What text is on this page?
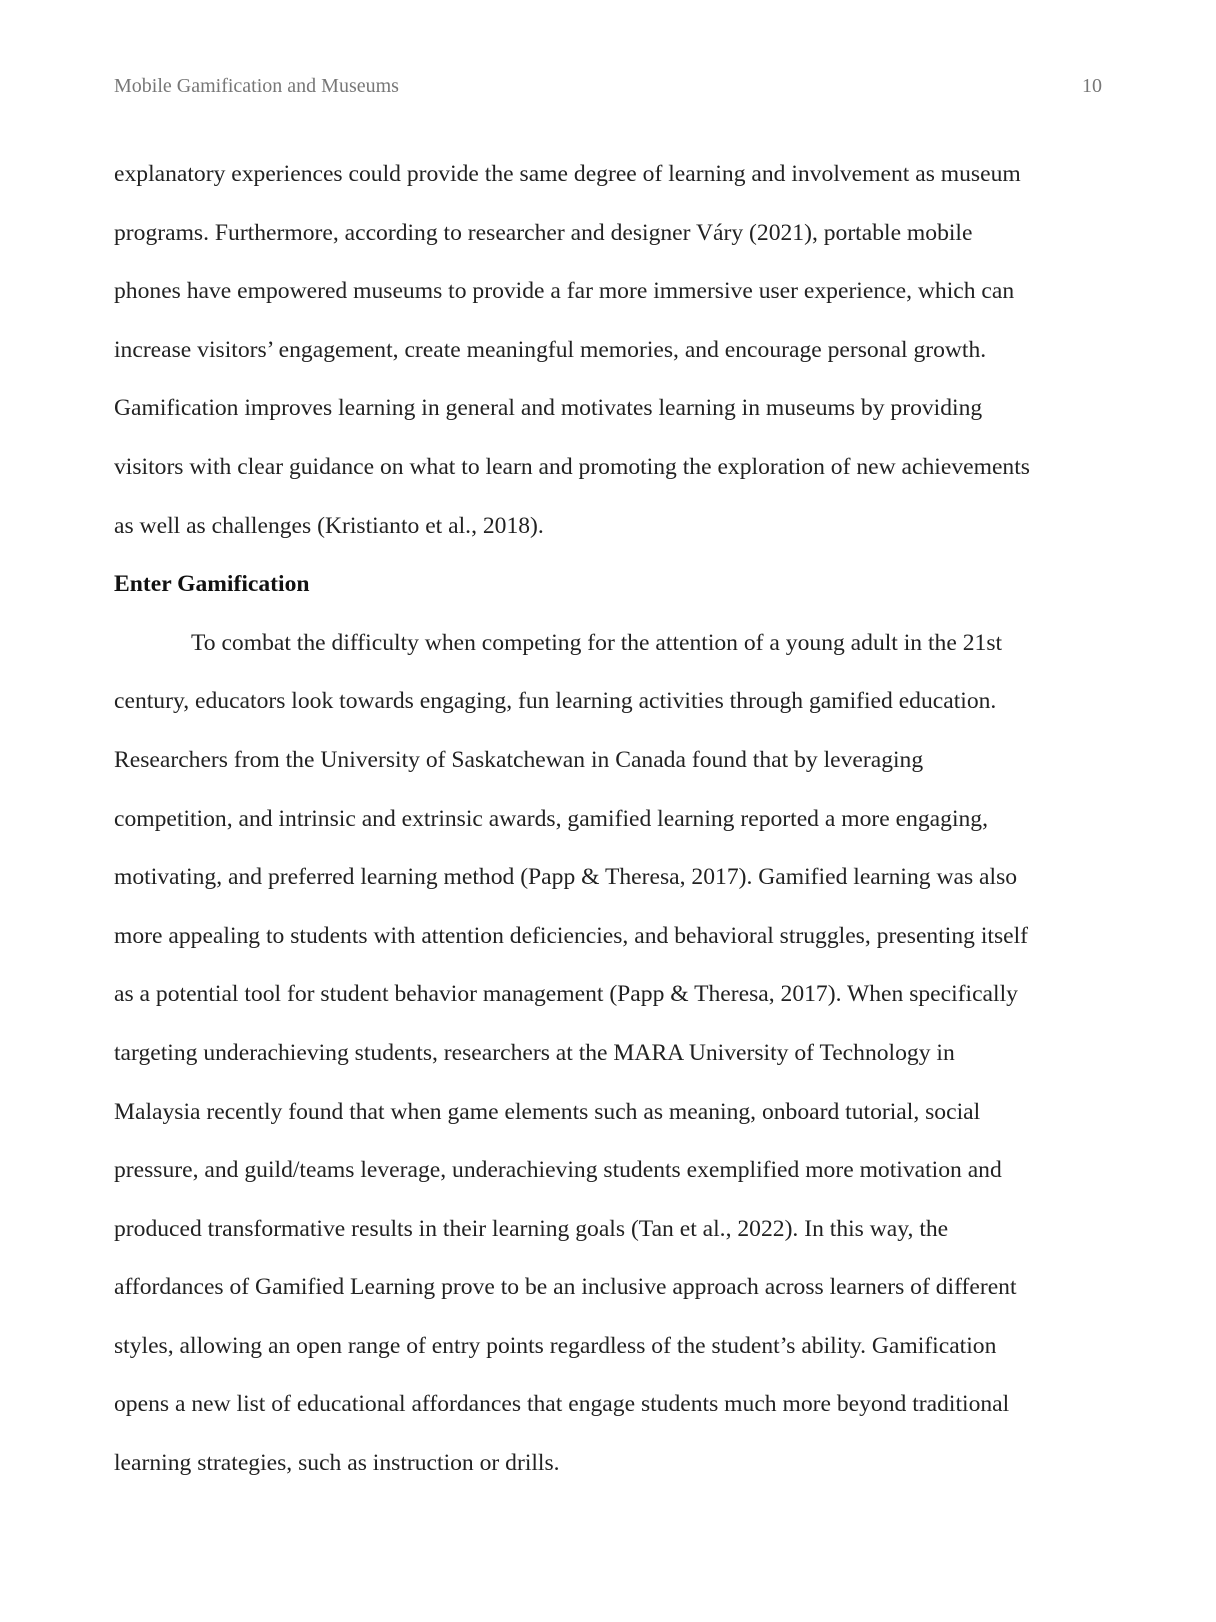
Mobile Gamification and Museums	10
explanatory experiences could provide the same degree of learning and involvement as museum
programs. Furthermore, according to researcher and designer Váry (2021), portable mobile
phones have empowered museums to provide a far more immersive user experience, which can
increase visitors’ engagement, create meaningful memories, and encourage personal growth.
Gamification improves learning in general and motivates learning in museums by providing
visitors with clear guidance on what to learn and promoting the exploration of new achievements
as well as challenges (Kristianto et al., 2018).
Enter Gamification
To combat the difficulty when competing for the attention of a young adult in the 21st
century, educators look towards engaging, fun learning activities through gamified education.
Researchers from the University of Saskatchewan in Canada found that by leveraging
competition, and intrinsic and extrinsic awards, gamified learning reported a more engaging,
motivating, and preferred learning method (Papp & Theresa, 2017). Gamified learning was also
more appealing to students with attention deficiencies, and behavioral struggles, presenting itself
as a potential tool for student behavior management (Papp & Theresa, 2017). When specifically
targeting underachieving students, researchers at the MARA University of Technology in
Malaysia recently found that when game elements such as meaning, onboard tutorial, social
pressure, and guild/teams leverage, underachieving students exemplified more motivation and
produced transformative results in their learning goals (Tan et al., 2022). In this way, the
affordances of Gamified Learning prove to be an inclusive approach across learners of different
styles, allowing an open range of entry points regardless of the student’s ability. Gamification
opens a new list of educational affordances that engage students much more beyond traditional
learning strategies, such as instruction or drills.
